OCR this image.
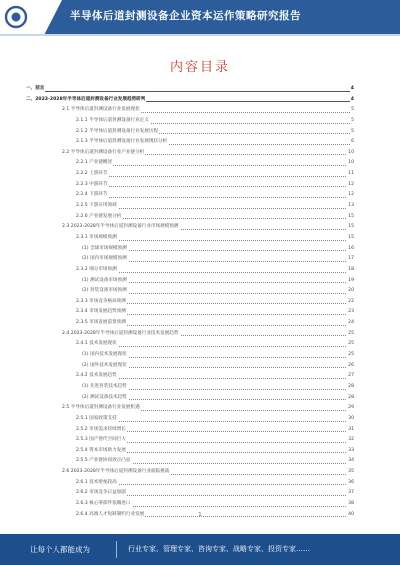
半导体后道封测设备企业资本运作策略研究报告
内容目录
一、前言	4
二、2023-2028年半导体后道封测设备行业发展趋势研判	4
2.1 半导体后道封测设备行业发展现状	5
2.1.1 半导体后道封测设备行业定义	5
2.1.2 半导体后道封测设备行业发展历程	5
2.1.3 半导体后道封测设备行业发展现状分析	6
2.2 半导体后道封测设备行业产业链分析	10
2.2.1 产业链概述	10
2.2.2 上游环节	11
2.2.3 中游环节	12
2.2.4 下游环节	12
2.2.5 下游应用领域	13
2.2.6 产业链发展分析	15
2.3 2023-2028年半导体后道封测设备行业市场规模预测	15
2.3.1 市场规模预测	15
(1) 全球市场规模预测	16
(2) 国内市场规模预测	17
2.3.2 细分市场预测	18
(1) 测试设备市场预测	19
(2) 封装设备市场预测	20
2.3.3 市场竞争格局预测	22
2.3.4 市场发展趋势预测	23
2.3.5 市场发展前景预测	24
2.4 2023-2028年半导体后道封测设备行业技术发展趋势	25
2.4.1 技术发展现状	25
(1) 国内技术发展现状	25
(2) 国外技术发展现状	26
2.4.2 技术发展趋势	27
(1) 先进封装技术趋势	28
(2) 测试设备技术趋势	28
2.5 半导体后道封测设备行业发展机遇	29
2.5.1 国家政策支持	30
2.5.2 市场需求持续增长	31
2.5.3 国产替代空间巨大	32
2.5.4 资本市场助力发展	33
2.5.5 产业链协同效应凸显	34
2.6 2023-2028年半导体后道封测设备行业面临挑战	35
2.6.1 技术壁垒较高	36
2.6.2 市场竞争日益加剧	37
2.6.3 核心零部件依赖进口	38
2.6.4 高端人才短缺制约行业发展	40
1
让每个人都能成为	行业专家、管理专家、咨询专家、战略专家、投资专家……
